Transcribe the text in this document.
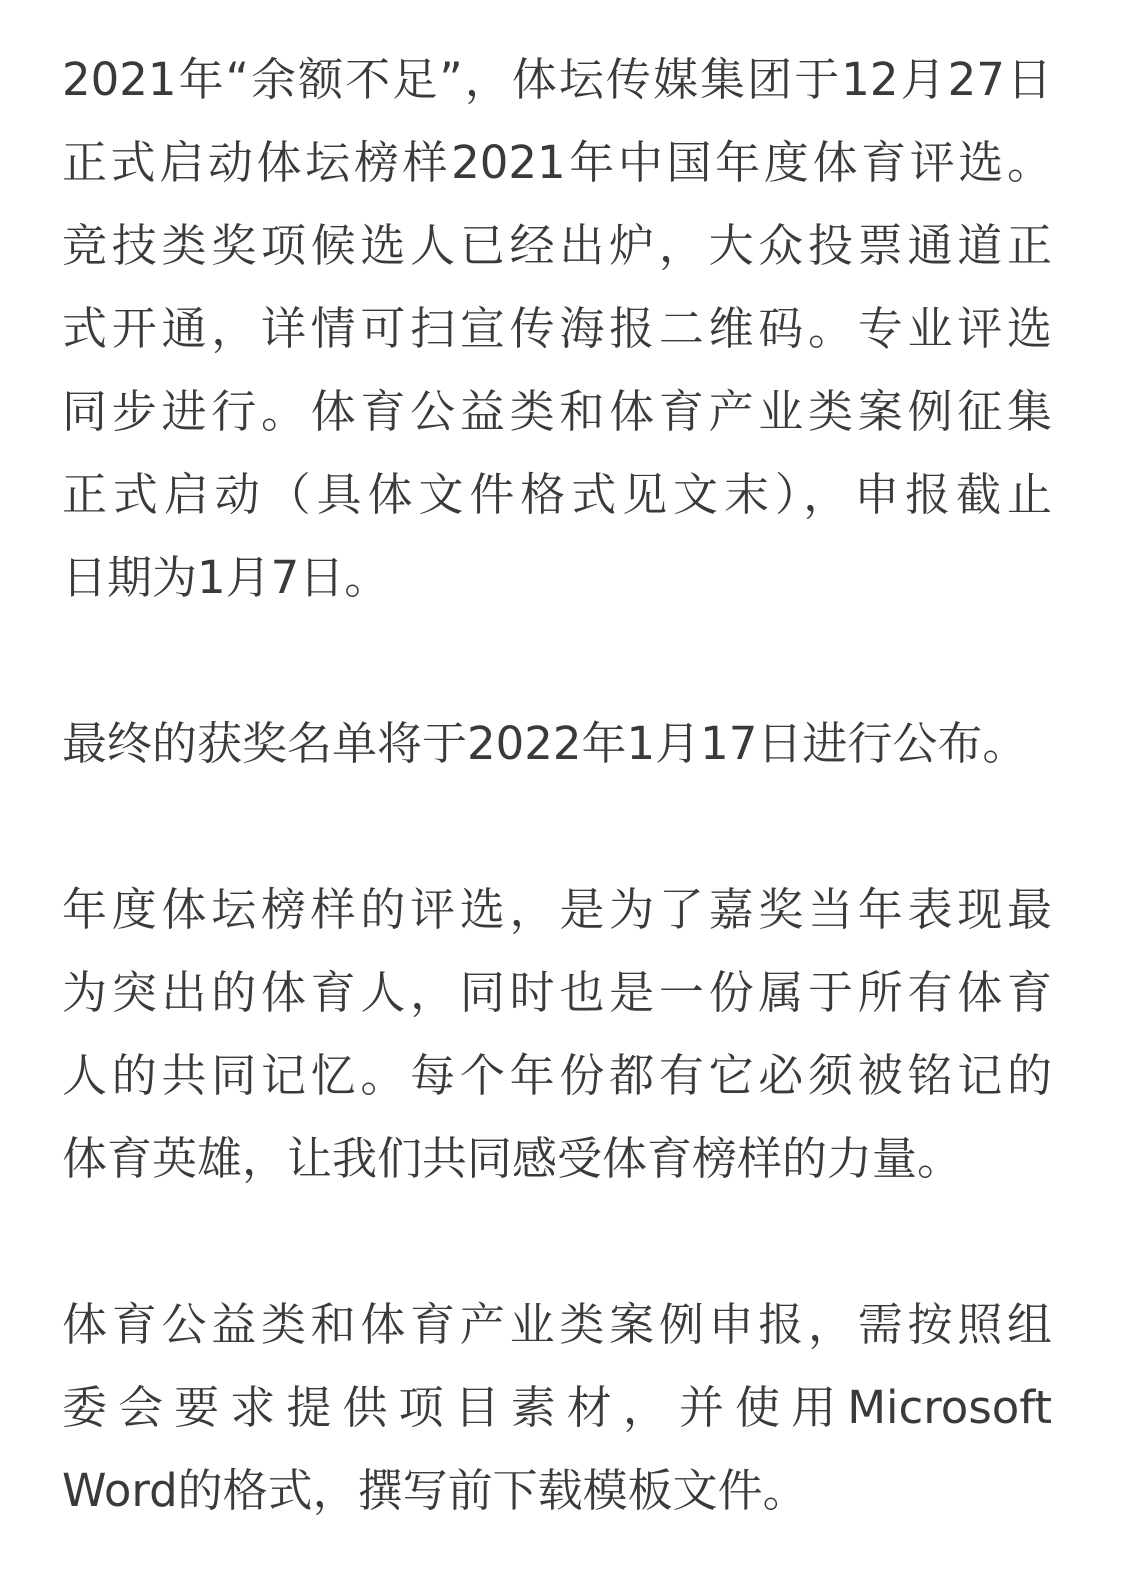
2021年“余额不足”，体坛传媒集团于12月27日
正式启动体坛榜样2021年中国年度体育评选。
竞技类奖项候选人已经出炉，大众投票通道正
式开通，详情可扫宣传海报二维码。专业评选
同步进行。体育公益类和体育产业类案例征集
正式启动（具体文件格式见文末），申报截止
日期为1月7日。
最终的获奖名单将于2022年1月17日进行公布。
年度体坛榜样的评选，是为了嘉奖当年表现最
为突出的体育人，同时也是一份属于所有体育
人的共同记忆。每个年份都有它必须被铭记的
体育英雄，让我们共同感受体育榜样的力量。
体育公益类和体育产业类案例申报，需按照组
委会要求提供项目素材，并使用Microsoft
Word的格式，撰写前下载模板文件。
